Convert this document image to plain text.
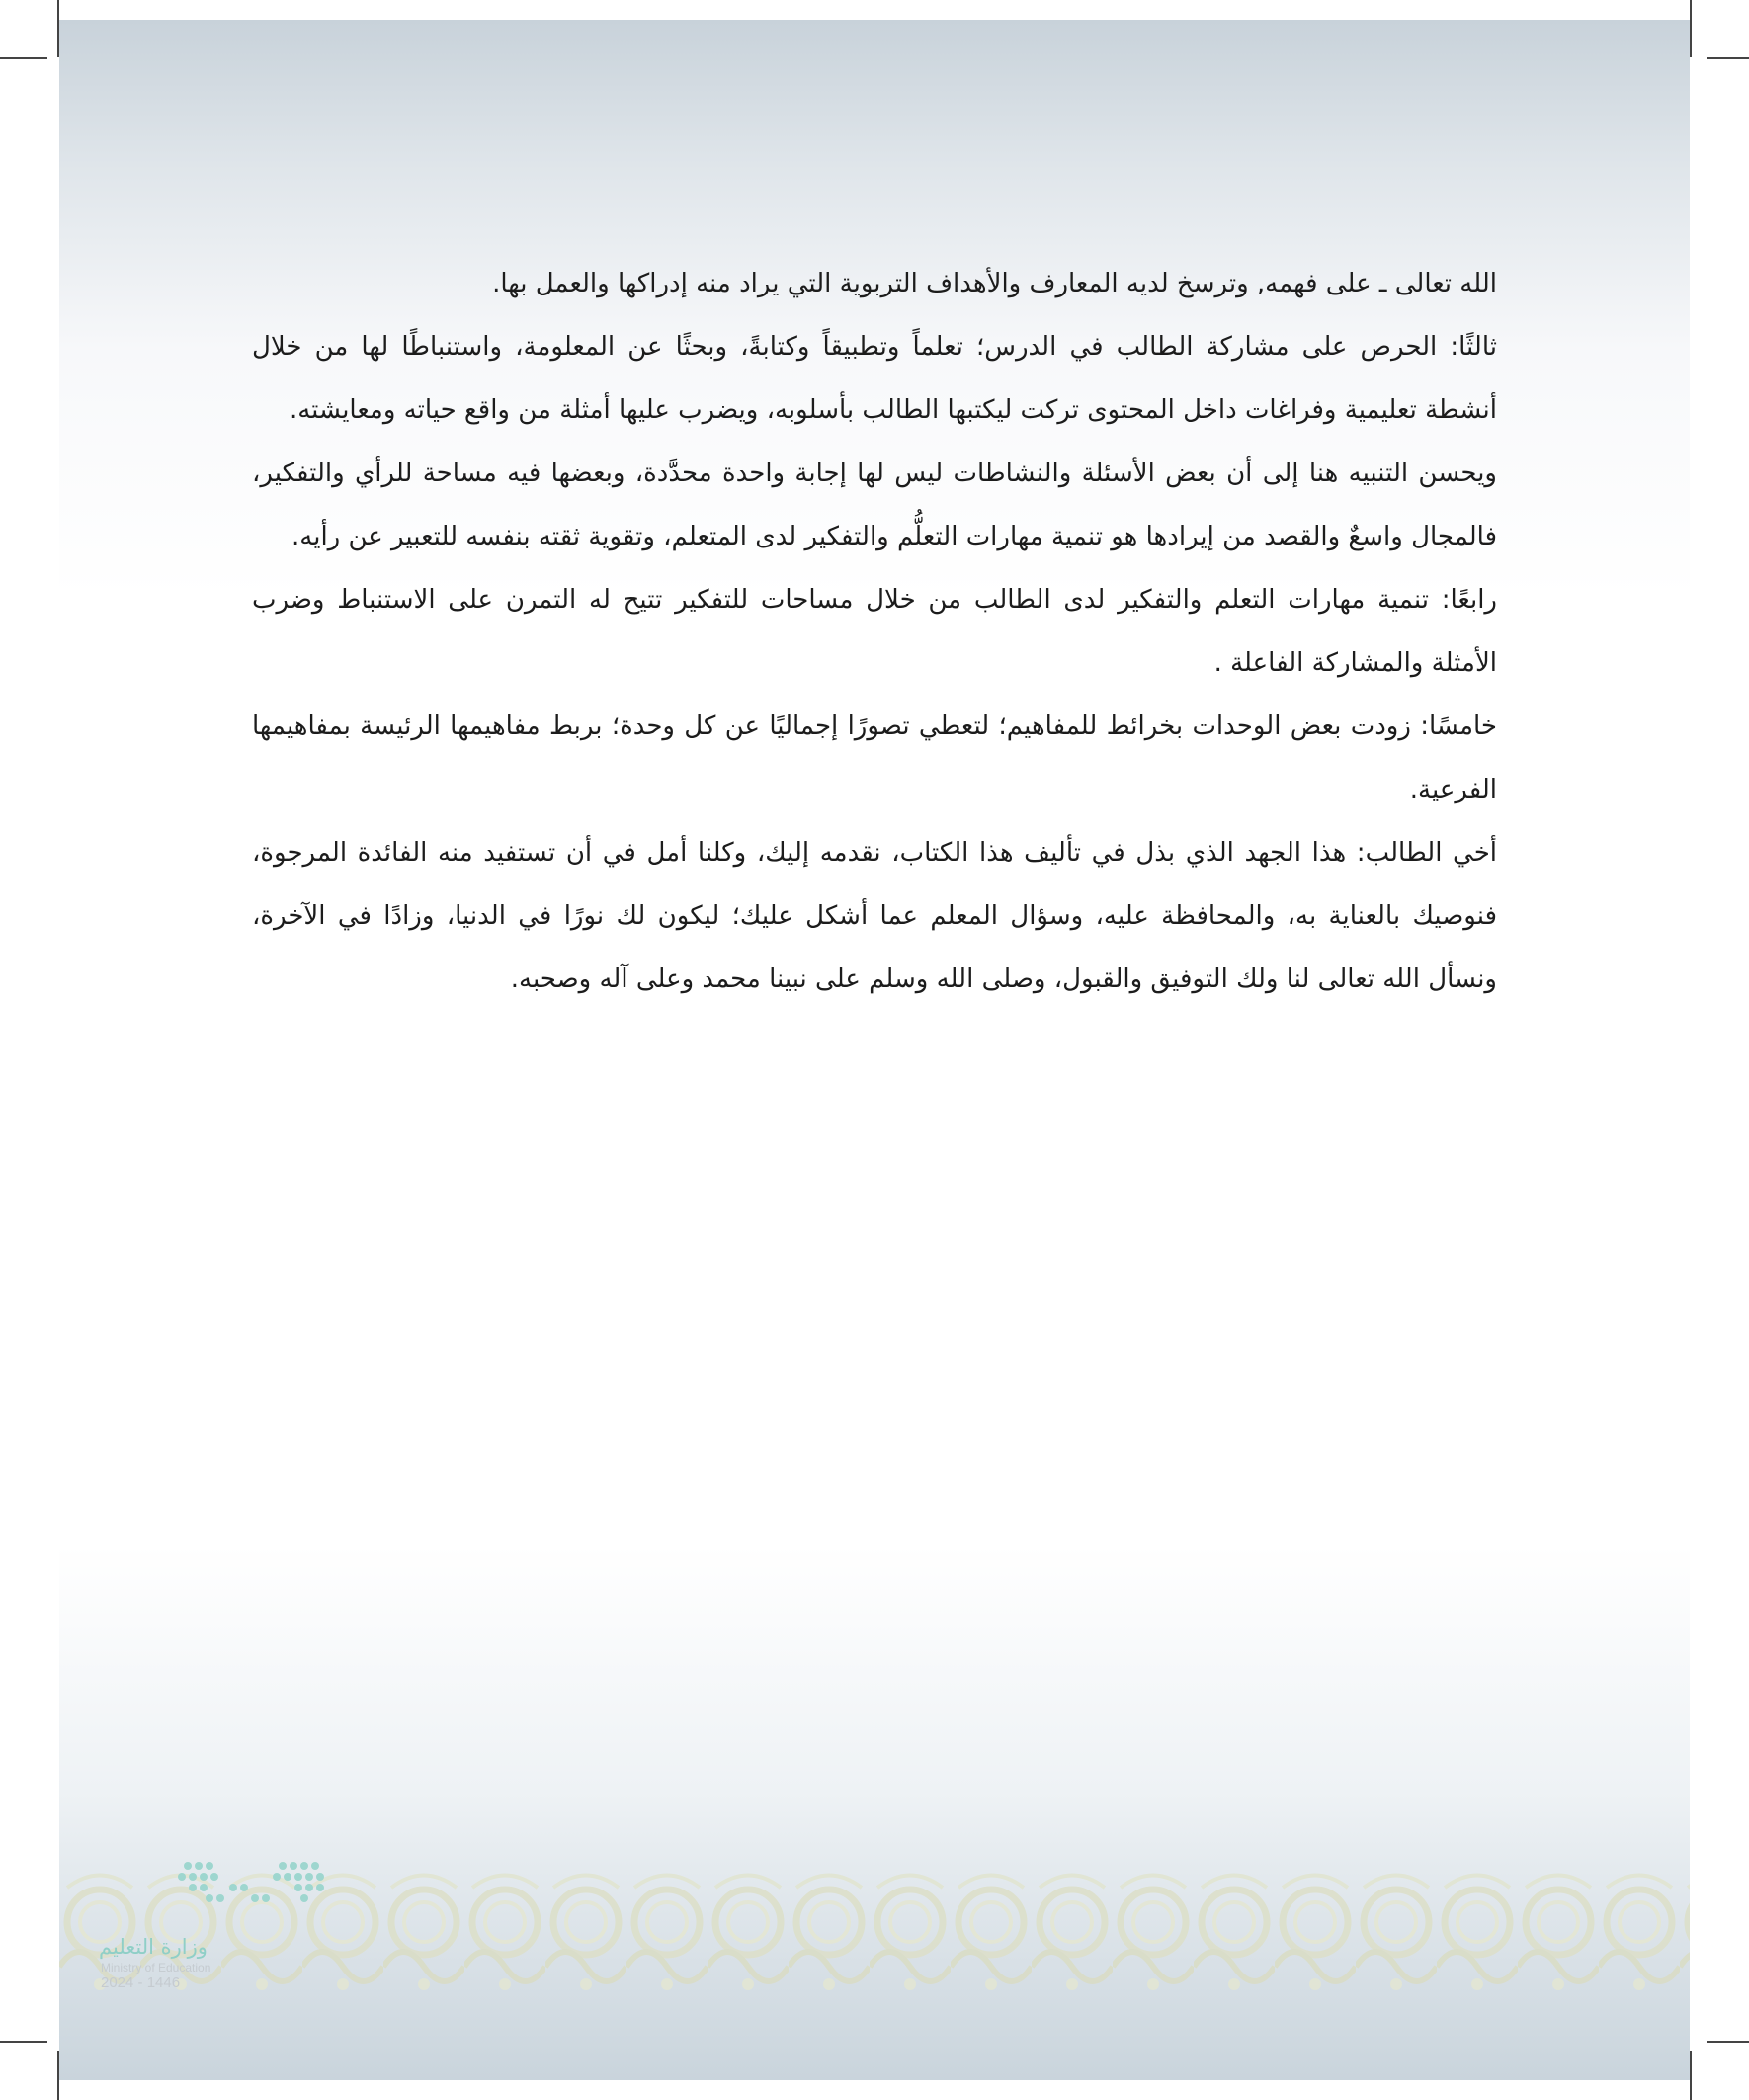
الله تعالى ـ على فهمه, وترسخ لديه المعارف والأهداف التربوية التي يراد منه إدراكها والعمل بها.

ثالثًا: الحرص على مشاركة الطالب في الدرس؛ تعلماً وتطبيقاً وكتابةً، وبحثًا عن المعلومة، واستنباطًا لها من خلال أنشطة تعليمية وفراغات داخل المحتوى تركت ليكتبها الطالب بأسلوبه، ويضرب عليها أمثلة من واقع حياته ومعايشته.

ويحسن التنبيه هنا إلى أن بعض الأسئلة والنشاطات ليس لها إجابة واحدة محدَّدة، وبعضها فيه مساحة للرأي والتفكير، فالمجال واسعٌ والقصد من إيرادها هو تنمية مهارات التعلُّم والتفكير لدى المتعلم، وتقوية ثقته بنفسه للتعبير عن رأيه.

رابعًا: تنمية مهارات التعلم والتفكير لدى الطالب من خلال مساحات للتفكير تتيح له التمرن على الاستنباط وضرب الأمثلة والمشاركة الفاعلة .

خامسًا: زودت بعض الوحدات بخرائط للمفاهيم؛ لتعطي تصورًا إجماليًا عن كل وحدة؛ بربط مفاهيمها الرئيسة بمفاهيمها الفرعية.

أخي الطالب: هذا الجهد الذي بذل في تأليف هذا الكتاب، نقدمه إليك، وكلنا أمل في أن تستفيد منه الفائدة المرجوة، فنوصيك بالعناية به، والمحافظة عليه، وسؤال المعلم عما أشكل عليك؛ ليكون لك نورًا في الدنيا، وزادًا في الآخرة، ونسأل الله تعالى لنا ولك التوفيق والقبول، وصلى الله وسلم على نبينا محمد وعلى آله وصحبه.

وزارة التعليم
Ministry of Education
2024 - 1446
